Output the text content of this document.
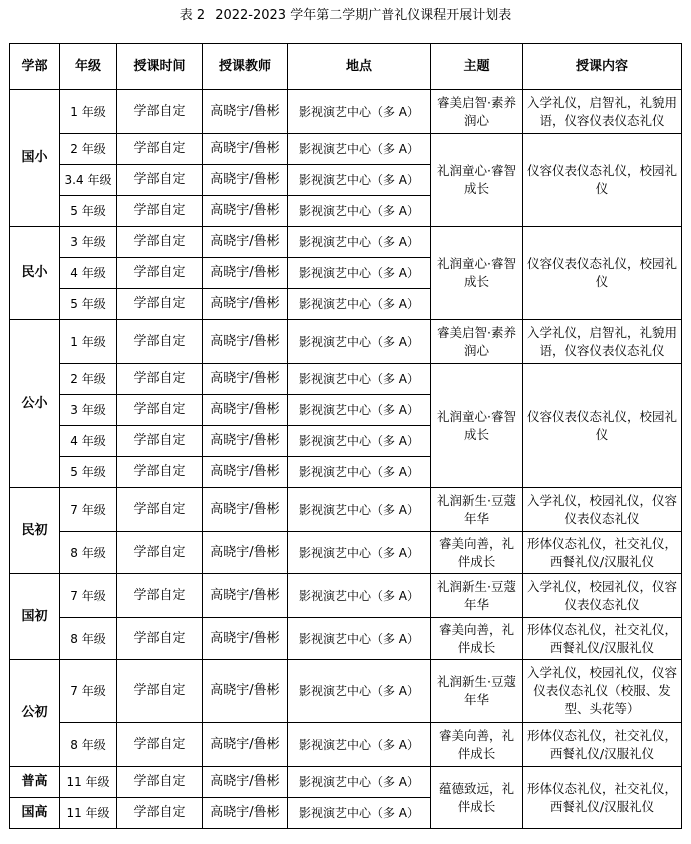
表 2 2022-2023 学年第二学期广普礼仪课程开展计划表
学部	年级	授课时间	授课教师	地点	主题	授课内容
国小	1 年级	学部自定	高晓宇/鲁彬	影视演艺中心（多 A）	睿美启智·素养润心	入学礼仪，启智礼，礼貌用语，仪容仪表仪态礼仪
	2 年级	学部自定	高晓宇/鲁彬	影视演艺中心（多 A）	礼润童心·睿智成长	仪容仪表仪态礼仪，校园礼仪
	3.4 年级	学部自定	高晓宇/鲁彬	影视演艺中心（多 A）		
	5 年级	学部自定	高晓宇/鲁彬	影视演艺中心（多 A）		
民小	3 年级	学部自定	高晓宇/鲁彬	影视演艺中心（多 A）	礼润童心·睿智成长	仪容仪表仪态礼仪，校园礼仪
	4 年级	学部自定	高晓宇/鲁彬	影视演艺中心（多 A）		
	5 年级	学部自定	高晓宇/鲁彬	影视演艺中心（多 A）		
公小	1 年级	学部自定	高晓宇/鲁彬	影视演艺中心（多 A）	睿美启智·素养润心	入学礼仪，启智礼，礼貌用语，仪容仪表仪态礼仪
	2 年级	学部自定	高晓宇/鲁彬	影视演艺中心（多 A）	礼润童心·睿智成长	仪容仪表仪态礼仪，校园礼仪
	3 年级	学部自定	高晓宇/鲁彬	影视演艺中心（多 A）		
	4 年级	学部自定	高晓宇/鲁彬	影视演艺中心（多 A）		
	5 年级	学部自定	高晓宇/鲁彬	影视演艺中心（多 A）		
民初	7 年级	学部自定	高晓宇/鲁彬	影视演艺中心（多 A）	礼润新生·豆蔻年华	入学礼仪，校园礼仪，仪容仪表仪态礼仪
	8 年级	学部自定	高晓宇/鲁彬	影视演艺中心（多 A）	睿美向善，礼伴成长	形体仪态礼仪，社交礼仪，西餐礼仪/汉服礼仪
国初	7 年级	学部自定	高晓宇/鲁彬	影视演艺中心（多 A）	礼润新生·豆蔻年华	入学礼仪，校园礼仪，仪容仪表仪态礼仪
	8 年级	学部自定	高晓宇/鲁彬	影视演艺中心（多 A）	睿美向善，礼伴成长	形体仪态礼仪，社交礼仪，西餐礼仪/汉服礼仪
公初	7 年级	学部自定	高晓宇/鲁彬	影视演艺中心（多 A）	礼润新生·豆蔻年华	入学礼仪，校园礼仪，仪容仪表仪态礼仪（校服、发型、头花等）
	8 年级	学部自定	高晓宇/鲁彬	影视演艺中心（多 A）	睿美向善，礼伴成长	形体仪态礼仪，社交礼仪，西餐礼仪/汉服礼仪
普高	11 年级	学部自定	高晓宇/鲁彬	影视演艺中心（多 A）	蕴德致远，礼伴成长	形体仪态礼仪，社交礼仪，西餐礼仪/汉服礼仪
国高	11 年级	学部自定	高晓宇/鲁彬	影视演艺中心（多 A）		
